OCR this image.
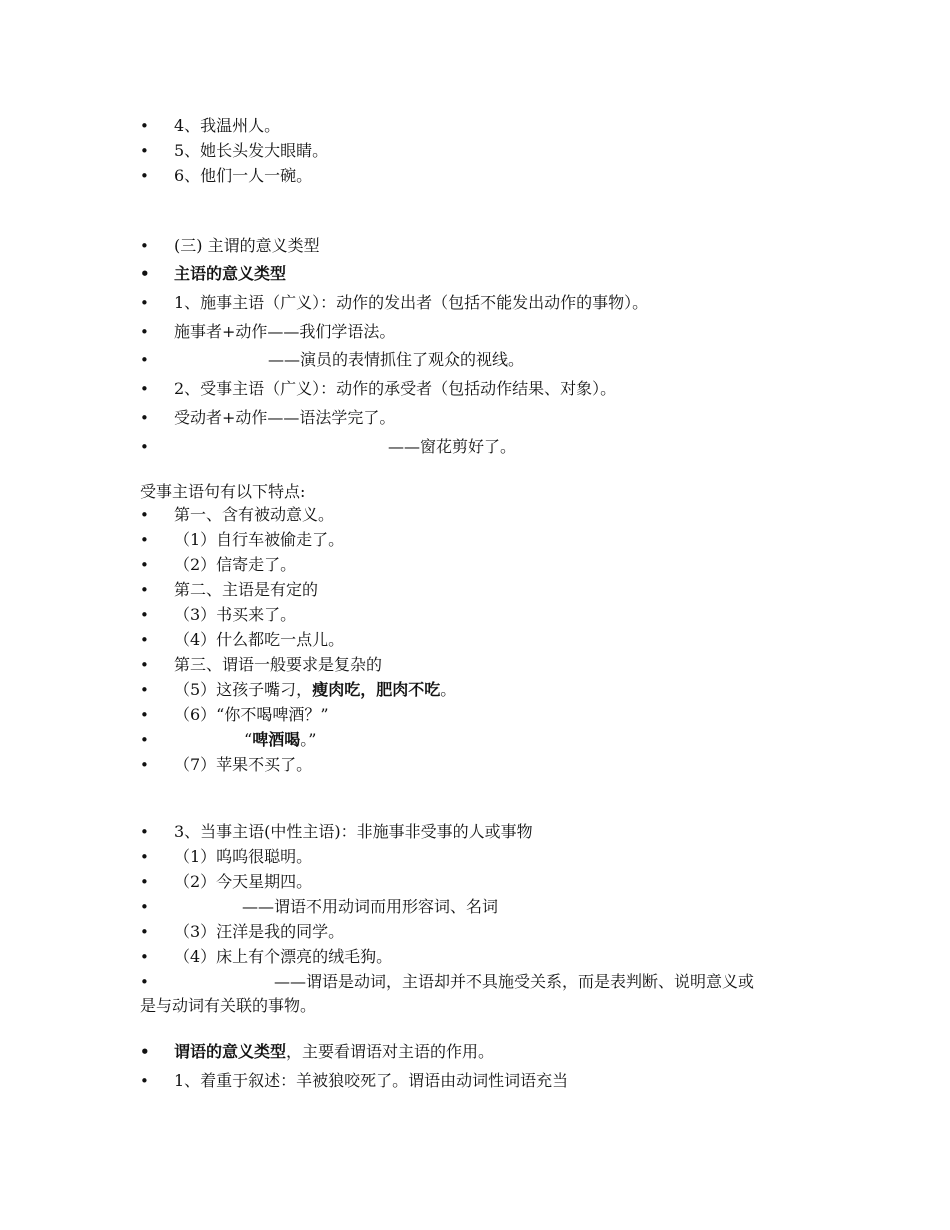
• 4、我温州人。
• 5、她长头发大眼睛。
• 6、他们一人一碗。
• (三) 主谓的意义类型
• 主语的意义类型
• 1、施事主语（广义）：动作的发出者（包括不能发出动作的事物）。
• 施事者+动作——我们学语法。
•	——演员的表情抓住了观众的视线。
• 2、受事主语（广义）：动作的承受者（包括动作结果、对象）。
• 受动者+动作——语法学完了。
•	——窗花剪好了。
受事主语句有以下特点:
• 第一、含有被动意义。
• （1）自行车被偷走了。
• （2）信寄走了。
• 第二、主语是有定的
• （3）书买来了。
• （4）什么都吃一点儿。
• 第三、谓语一般要求是复杂的
• （5）这孩子嘴刁，瘦肉吃，肥肉不吃。
• （6）“你不喝啤酒？”
•	“啤酒喝。”
• （7）苹果不买了。
• 3、当事主语(中性主语)：非施事非受事的人或事物
• （1）呜呜很聪明。
• （2）今天星期四。
•	——谓语不用动词而用形容词、名词
• （3）汪洋是我的同学。
• （4）床上有个漂亮的绒毛狗。
•	——谓语是动词，主语却并不具施受关系，而是表判断、说明意义或
是与动词有关联的事物。
• 谓语的意义类型，主要看谓语对主语的作用。
• 1、着重于叙述：羊被狼咬死了。谓语由动词性词语充当
